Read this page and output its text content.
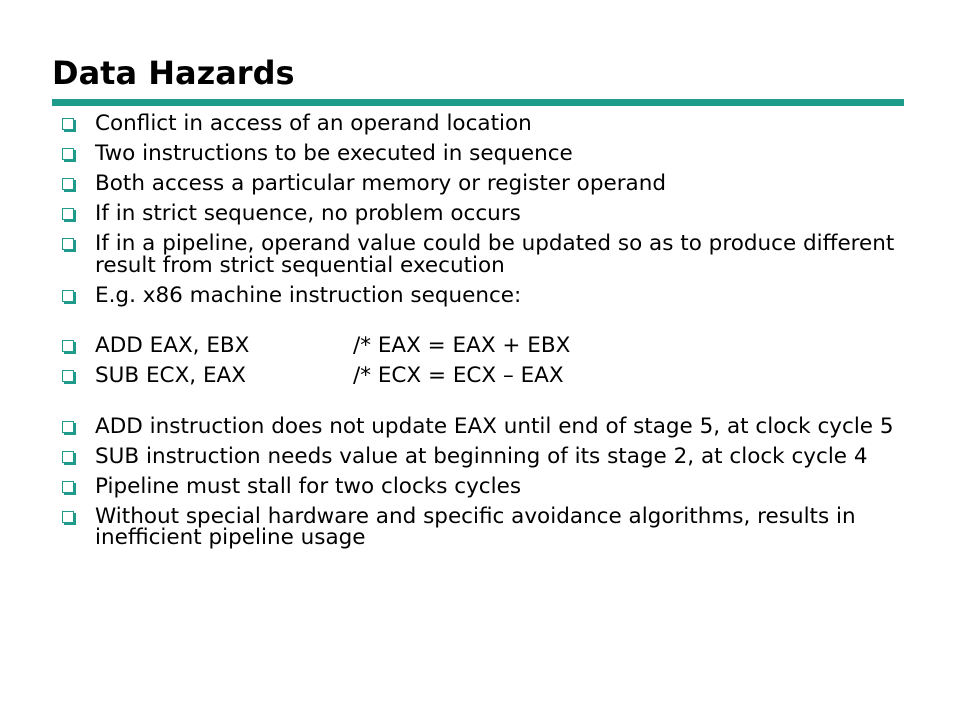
Data Hazards
Conflict in access of an operand location
Two instructions to be executed in sequence
Both access a particular memory or register operand
If in strict sequence, no problem occurs
If in a pipeline, operand value could be updated so as to produce different result from strict sequential execution
E.g. x86 machine instruction sequence:
ADD EAX, EBX	/* EAX = EAX + EBX
SUB ECX, EAX	/* ECX = ECX – EAX
ADD instruction does not update EAX until end of stage 5, at clock cycle 5
SUB instruction needs value at beginning of its stage 2, at clock cycle 4
Pipeline must stall for two clocks cycles
Without special hardware and specific avoidance algorithms, results in inefficient pipeline usage
